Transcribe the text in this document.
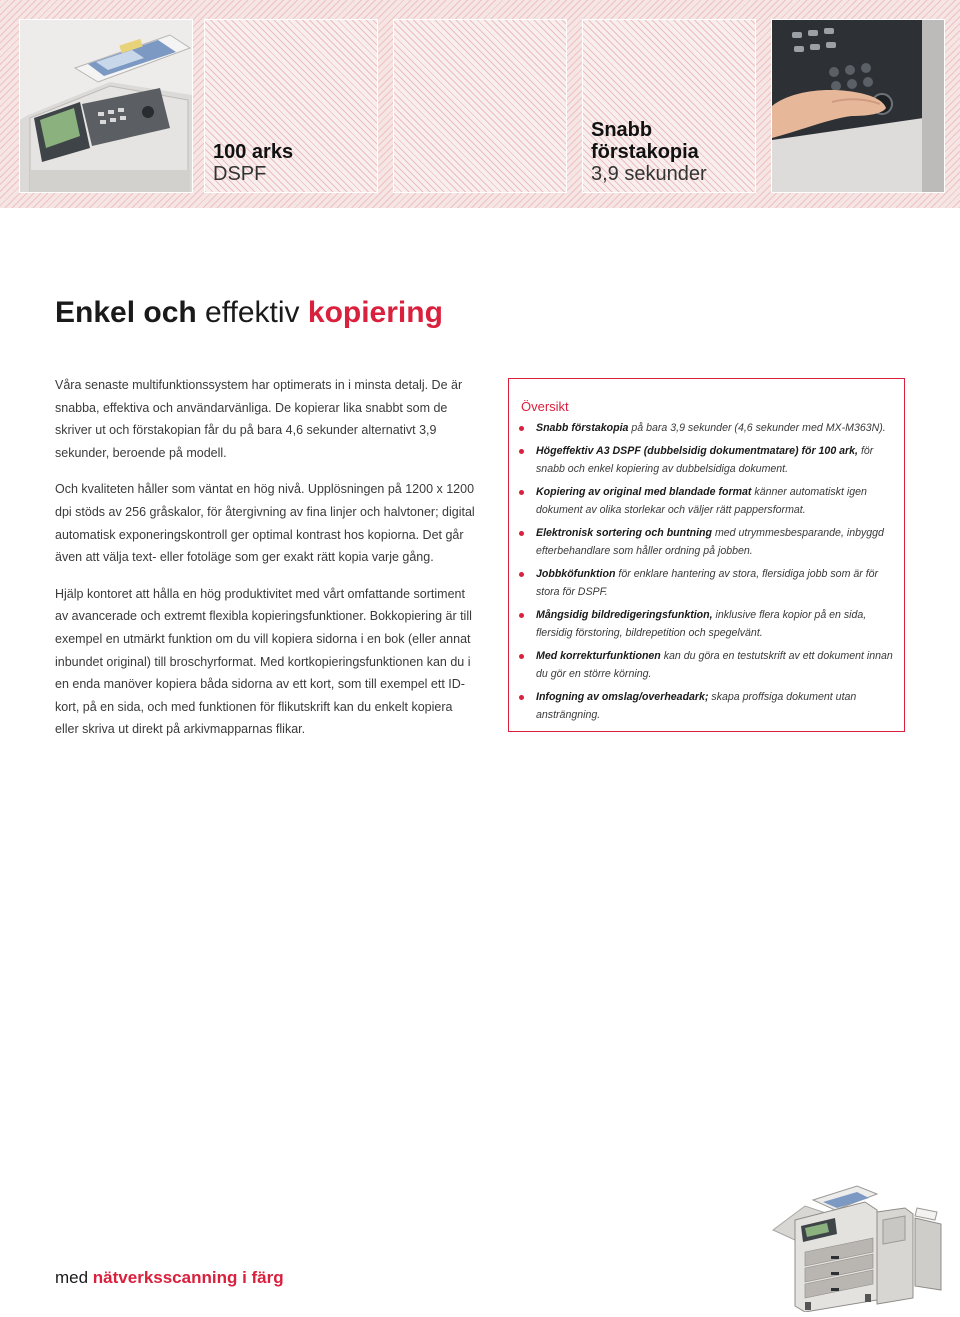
100 arks
DSPF
Snabb
förstakopia
3,9 sekunder
Enkel och effektiv kopiering

Våra senaste multifunktionssystem har optimerats in i minsta detalj. De är snabba, effektiva och användarvänliga. De kopierar lika snabbt som de skriver ut och förstakopian får du på bara 4,6 sekunder alternativt 3,9 sekunder, beroende på modell.

Och kvaliteten håller som väntat en hög nivå. Upplösningen på 1200 x 1200 dpi stöds av 256 gråskalor, för återgivning av fina linjer och halvtoner; digital automatisk exponeringskontroll ger optimal kontrast hos kopiorna. Det går även att välja text- eller fotoläge som ger exakt rätt kopia varje gång.

Hjälp kontoret att hålla en hög produktivitet med vårt omfattande sortiment av avancerade och extremt flexibla kopieringsfunktioner. Bokkopiering är till exempel en utmärkt funktion om du vill kopiera sidorna i en bok (eller annat inbundet original) till broschyrformat. Med kortkopieringsfunktionen kan du i en enda manöver kopiera båda sidorna av ett kort, som till exempel ett ID-kort, på en sida, och med funktionen för flikutskrift kan du enkelt kopiera eller skriva ut direkt på arkivmapparnas flikar.

Översikt
Snabb förstakopia på bara 3,9 sekunder (4,6 sekunder med MX-M363N).
Högeffektiv A3 DSPF (dubbelsidig dokumentmatare) för 100 ark, för snabb och enkel kopiering av dubbelsidiga dokument.
Kopiering av original med blandade format känner automatiskt igen dokument av olika storlekar och väljer rätt pappersformat.
Elektronisk sortering och buntning med utrymmesbesparande, inbyggd efterbehandlare som håller ordning på jobben.
Jobbköfunktion för enklare hantering av stora, flersidiga jobb som är för stora för DSPF.
Mångsidig bildredigeringsfunktion, inklusive flera kopior på en sida, flersidig förstoring, bildrepetition och spegelvänt.
Med korrekturfunktionen kan du göra en testutskrift av ett dokument innan du gör en större körning.
Infogning av omslag/overheadark; skapa proffsiga dokument utan ansträngning.
med nätverksscanning i färg
